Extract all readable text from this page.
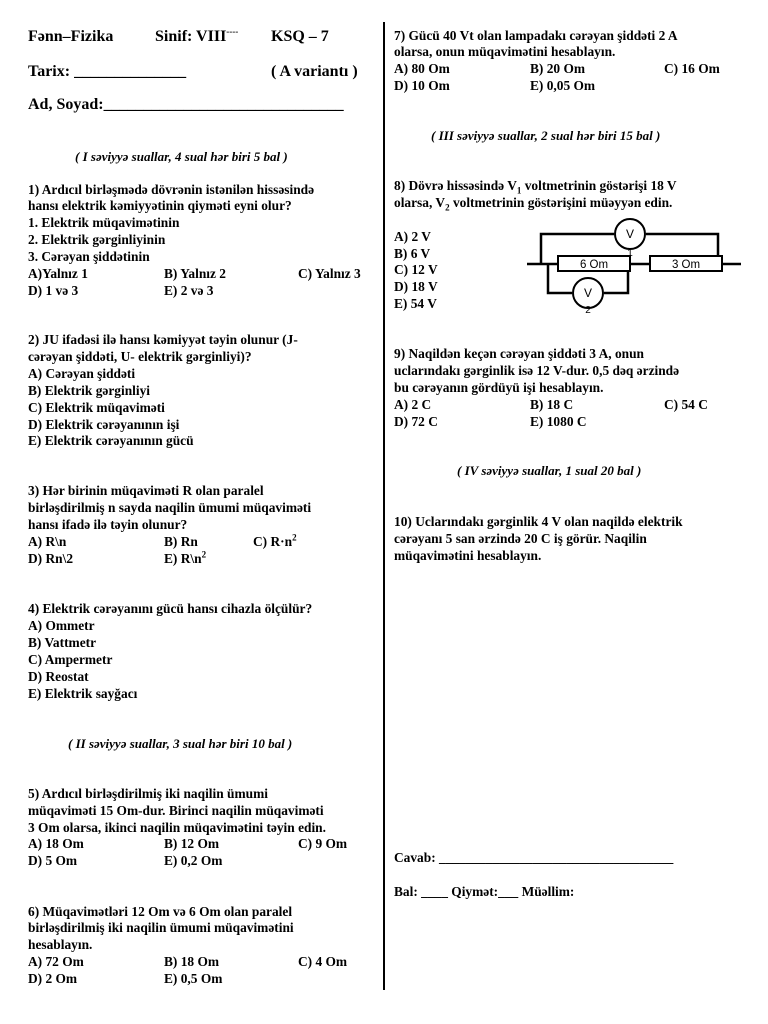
Fənn–Fizika	Sinif: VIII---- KSQ – 7
Tarix: ______________	( A variantı )
Ad, Soyad:______________________________
( I səviyyə suallar, 4 sual hər biri 5 bal )
1) Ardıcıl birləşmədə dövrənin istənilən hissəsində
hansı elektrik kəmiyyətinin qiyməti eyni olur?
1. Elektrik müqavimətinin
2. Elektrik gərginliyinin
3. Cərəyan şiddətinin
A)Yalnız 1	B) Yalnız 2	C) Yalnız 3
D) 1 və 3	E) 2 və 3
2) JU ifadəsi ilə hansı kəmiyyət təyin olunur (J-
cərəyan şiddəti, U- elektrik gərginliyi)?
A) Cərəyan şiddəti
B) Elektrik gərginliyi
C) Elektrik müqaviməti
D) Elektrik cərəyanının işi
E) Elektrik cərəyanının gücü
3) Hər birinin müqaviməti R olan paralel
birləşdirilmiş n sayda naqilin ümumi müqaviməti
hansı ifadə ilə təyin olunur?
A) R\n	B) Rn	C) $R\cdot n^2$
D) Rn\2	E) $R\backslash n^2$
4) Elektrik cərəyanını gücü hansı cihazla ölçülür?
A) Ommetr
B) Vattmetr
C) Ampermetr
D) Reostat
E) Elektrik sayğacı
( II səviyyə suallar, 3 sual hər biri 10 bal )
5) Ardıcıl birləşdirilmiş iki naqilin ümumi
müqaviməti 15 Om-dur. Birinci naqilin müqaviməti
3 Om olarsa, ikinci naqilin müqavimətini təyin edin.
A) 18 Om	B) 12 Om	C) 9 Om
D) 5 Om	E) 0,2 Om
6) Müqavimətləri 12 Om və 6 Om olan paralel
birləşdirilmiş iki naqilin ümumi müqavimətini
hesablayın.
A) 72 Om	B) 18 Om	C) 4 Om
D) 2 Om	E) 0,5 Om
7) Gücü 40 Vt olan lampadakı cərəyan şiddəti 2 A
olarsa, onun müqavimətini hesablayın.
A) 80 Om	B) 20 Om	C) 16 Om
D) 10 Om	E) 0,05 Om
( III səviyyə suallar, 2 sual hər biri 15 bal )
8) Dövrə hissəsində $V_1$ voltmetrinin göstərişi 18 V
olarsa, $V_2$ voltmetrinin göstərişini müəyyən edin.
A) 2 V
B) 6 V
C) 12 V
D) 18 V
E) 54 V
6 Om	3 Om
V
1
V
2
9) Naqildən keçən cərəyan şiddəti 3 A, onun
uclarındakı gərginlik isə 12 V-dur. 0,5 dəq ərzində
bu cərəyanın gördüyü işi hesablayın.
A) 2 C	B) 18 C	C) 54 C
D) 72 C	E) 1080 C
( IV səviyyə suallar, 1 sual 20 bal )
10) Uclarındakı gərginlik 4 V olan naqildə elektrik
cərəyanı 5 san ərzində 20 C iş görür. Naqilin
müqavimətini hesablayın.
Cavab: ___________________________________
Bal: ____ Qiymət:___ Müəllim:
